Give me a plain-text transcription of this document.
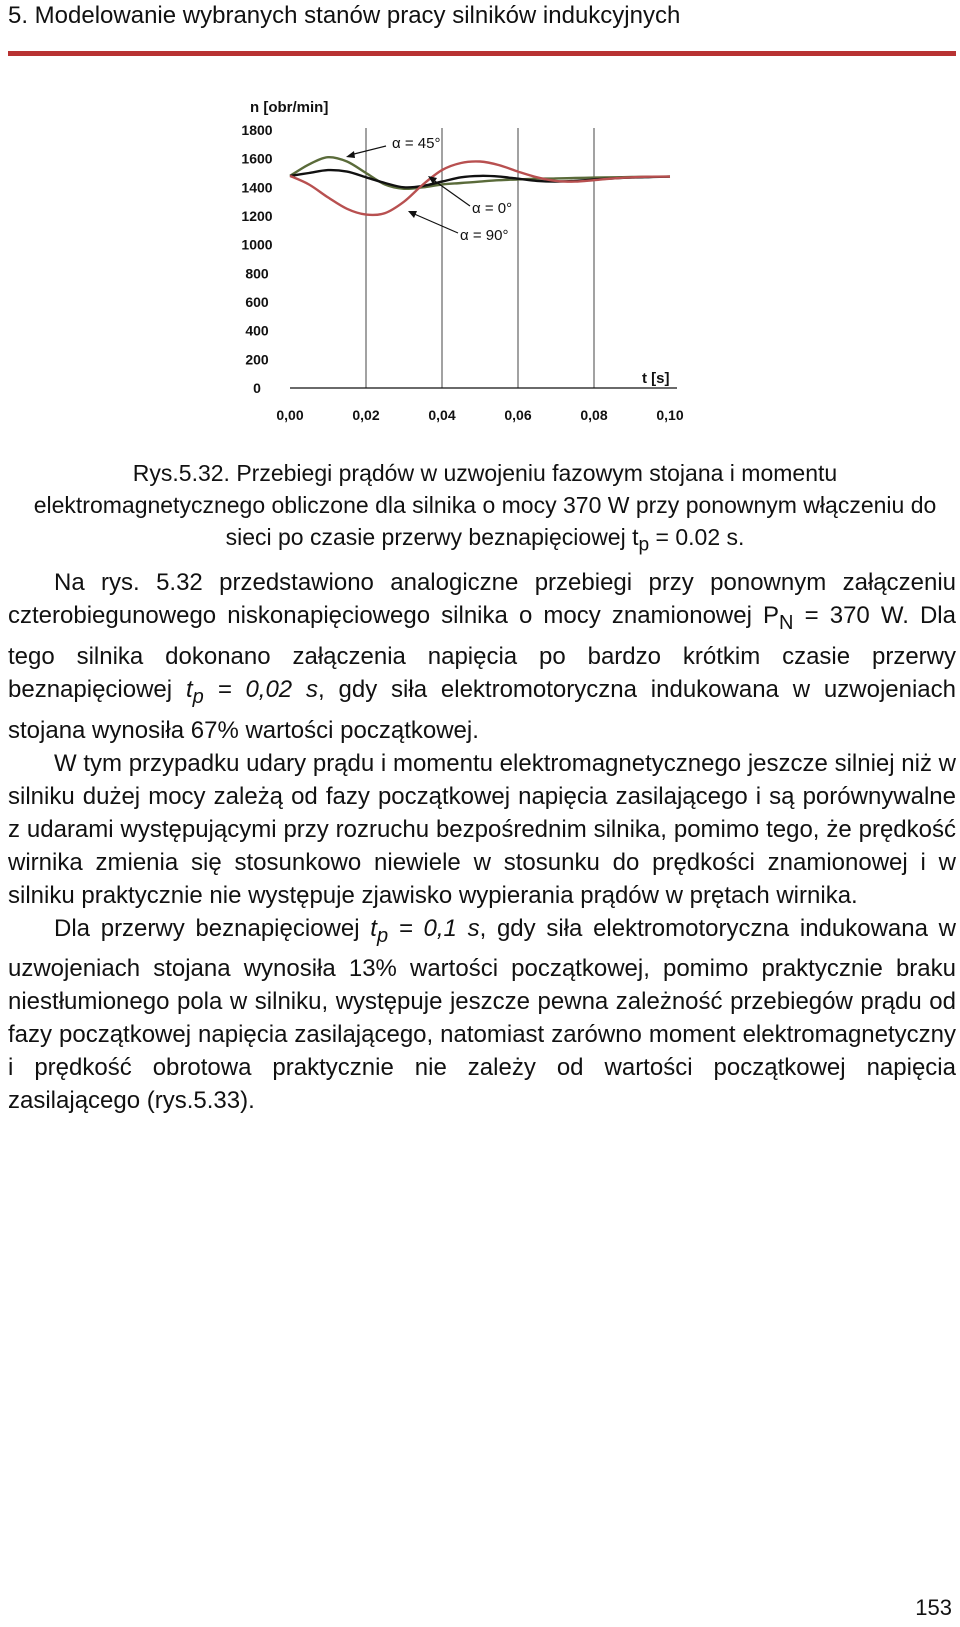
5. Modelowanie wybranych stanów pracy silników indukcyjnych
n [obr/min]
1800
1600
1400
1200
1000
800
600
400
200
0
0,00	0,02	0,04	0,06	0,08	0,10
t [s]
α = 45°
α = 0°
α = 90°
Rys.5.32. Przebiegi prądów w uzwojeniu fazowym stojana i momentu elektromagnetycznego obliczone dla silnika o mocy 370 W przy ponownym włączeniu do sieci po czasie przerwy beznapięciowej $t_p = 0.02$ s.

Na rys. 5.32 przedstawiono analogiczne przebiegi przy ponownym załączeniu czterobiegunowego niskonapięciowego silnika o mocy znamionowej $P_N = 370$ W. Dla tego silnika dokonano załączenia napięcia po bardzo krótkim czasie przerwy beznapięciowej $t_p = 0,02$ s, gdy siła elektromotoryczna indukowana w uzwojeniach stojana wynosiła 67% wartości początkowej.

W tym przypadku udary prądu i momentu elektromagnetycznego jeszcze silniej niż w silniku dużej mocy zależą od fazy początkowej napięcia zasilającego i są porównywalne z udarami występującymi przy rozruchu bezpośrednim silnika, pomimo tego, że prędkość wirnika zmienia się stosunkowo niewiele w stosunku do prędkości znamionowej i w silniku praktycznie nie występuje zjawisko wypierania prądów w prętach wirnika.

Dla przerwy beznapięciowej $t_p = 0,1$ s, gdy siła elektromotoryczna indukowana w uzwojeniach stojana wynosiła 13% wartości początkowej, pomimo praktycznie braku niestłumionego pola w silniku, występuje jeszcze pewna zależność przebiegów prądu od fazy początkowej napięcia zasilającego, natomiast zarówno moment elektromagnetyczny i prędkość obrotowa praktycznie nie zależy od wartości początkowej napięcia zasilającego (rys.5.33).

153
